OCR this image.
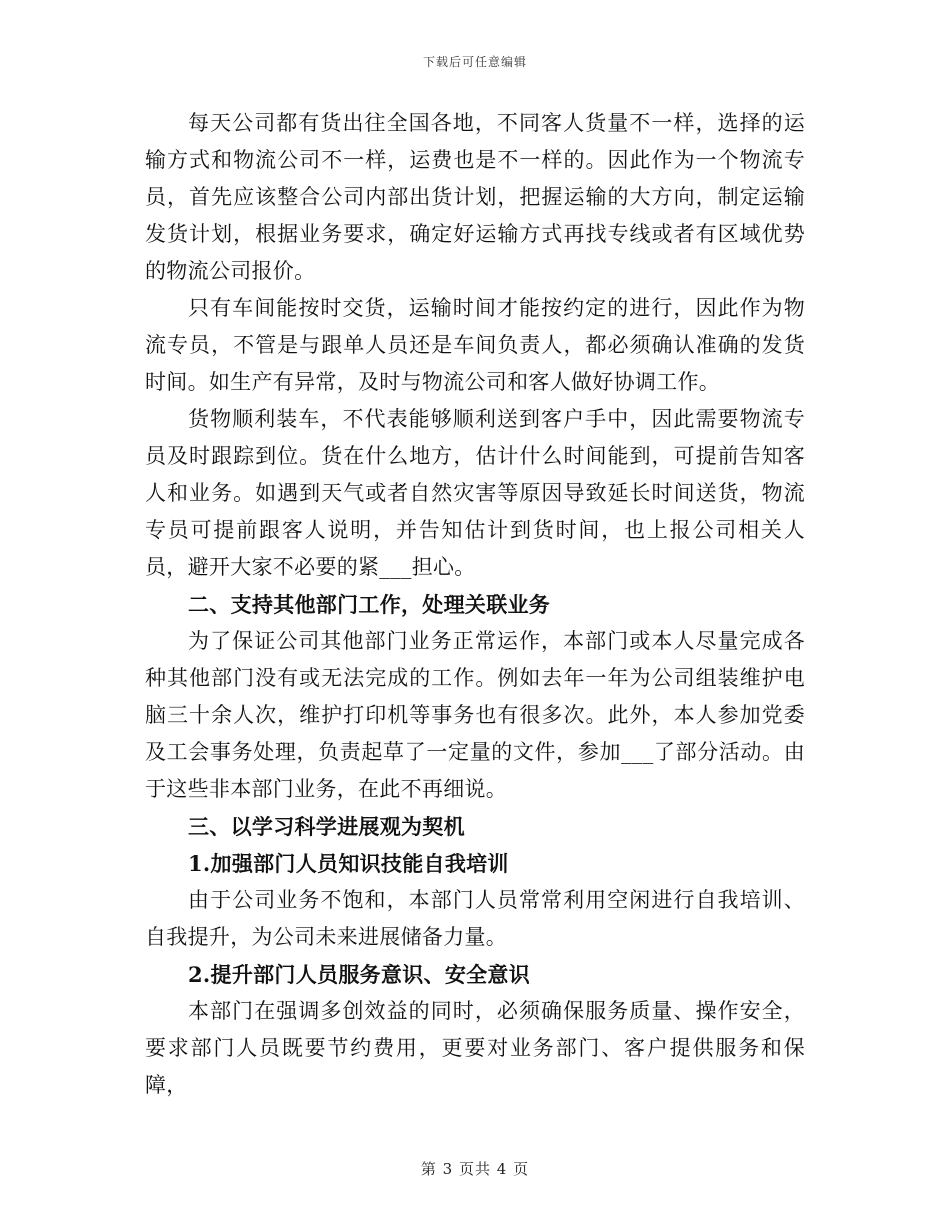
下载后可任意编辑

每天公司都有货出往全国各地，不同客人货量不一样，选择的运输方式和物流公司不一样，运费也是不一样的。因此作为一个物流专员，首先应该整合公司内部出货计划，把握运输的大方向，制定运输发货计划，根据业务要求，确定好运输方式再找专线或者有区域优势的物流公司报价。

只有车间能按时交货，运输时间才能按约定的进行，因此作为物流专员，不管是与跟单人员还是车间负责人，都必须确认准确的发货时间。如生产有异常，及时与物流公司和客人做好协调工作。

货物顺利装车，不代表能够顺利送到客户手中，因此需要物流专员及时跟踪到位。货在什么地方，估计什么时间能到，可提前告知客人和业务。如遇到天气或者自然灾害等原因导致延长时间送货，物流专员可提前跟客人说明，并告知估计到货时间，也上报公司相关人员，避开大家不必要的紧___担心。

二、支持其他部门工作，处理关联业务

为了保证公司其他部门业务正常运作，本部门或本人尽量完成各种其他部门没有或无法完成的工作。例如去年一年为公司组装维护电脑三十余人次，维护打印机等事务也有很多次。此外，本人参加党委及工会事务处理，负责起草了一定量的文件，参加___了部分活动。由于这些非本部门业务，在此不再细说。

三、以学习科学进展观为契机

1.加强部门人员知识技能自我培训

由于公司业务不饱和，本部门人员常常利用空闲进行自我培训、自我提升，为公司未来进展储备力量。

2.提升部门人员服务意识、安全意识

本部门在强调多创效益的同时，必须确保服务质量、操作安全，要求部门人员既要节约费用，更要对业务部门、客户提供服务和保障，

第 3 页共 4 页
